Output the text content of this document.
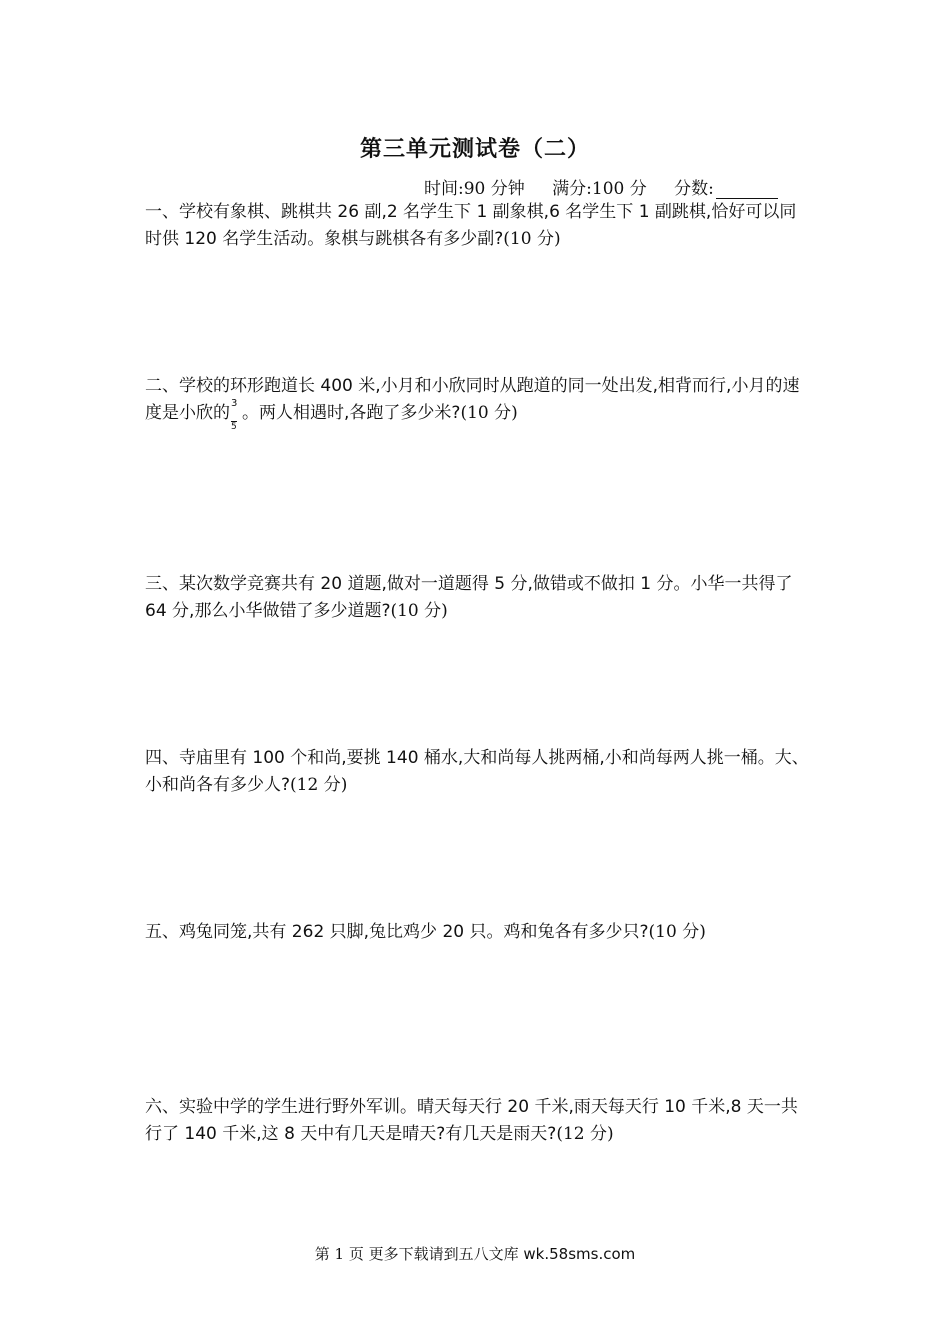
第三单元测试卷（二）
时间:90 分钟 满分:100 分 分数:
一、学校有象棋、跳棋共 26 副,2 名学生下 1 副象棋,6 名学生下 1 副跳棋,恰好可以同时供 120 名学生活动。象棋与跳棋各有多少副?(10 分)
二、学校的环形跑道长 400 米,小月和小欣同时从跑道的同一处出发,相背而行,小月的速度是小欣的 $\frac{3}{5}$ 。两人相遇时,各跑了多少米?(10 分)
三、某次数学竞赛共有 20 道题,做对一道题得 5 分,做错或不做扣 1 分。小华一共得了 64 分,那么小华做错了多少道题?(10 分)
四、寺庙里有 100 个和尚,要挑 140 桶水,大和尚每人挑两桶,小和尚每两人挑一桶。大、小和尚各有多少人?(12 分)
五、鸡兔同笼,共有 262 只脚,兔比鸡少 20 只。鸡和兔各有多少只?(10 分)
六、实验中学的学生进行野外军训。晴天每天行 20 千米,雨天每天行 10 千米,8 天一共行了 140 千米,这 8 天中有几天是晴天?有几天是雨天?(12 分)
第 1 页 更多下载请到五八文库 wk.58sms.com
